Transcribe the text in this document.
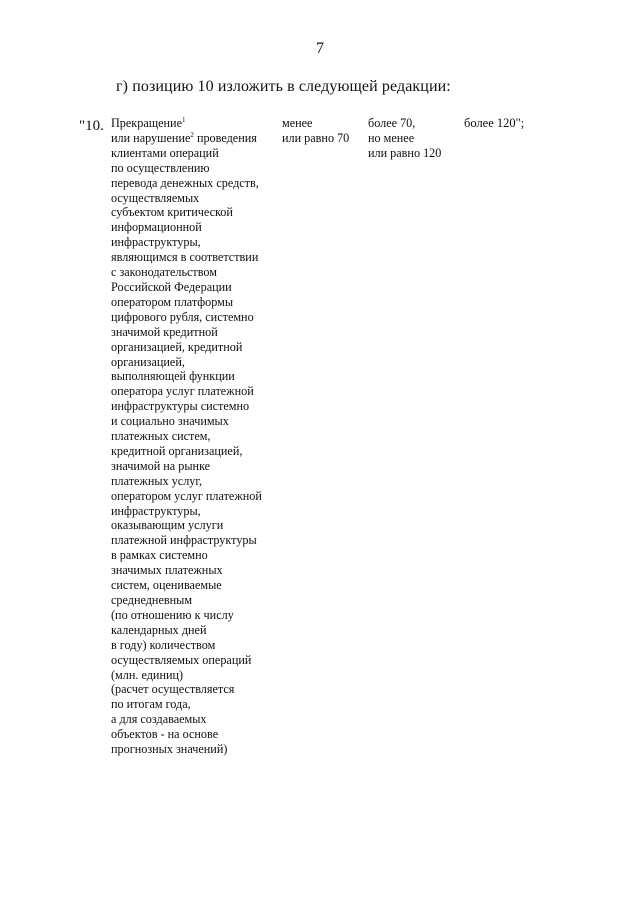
7
г) позицию 10 изложить в следующей редакции:
"10. Прекращение$^1$
или нарушение$^2$ проведения
клиентами операций
по осуществлению
перевода денежных средств,
осуществляемых
субъектом критической
информационной
инфраструктуры,
являющимся в соответствии
с законодательством
Российской Федерации
оператором платформы
цифрового рубля, системно
значимой кредитной
организацией, кредитной
организацией,
выполняющей функции
оператора услуг платежной
инфраструктуры системно
и социально значимых
платежных систем,
кредитной организацией,
значимой на рынке
платежных услуг,
оператором услуг платежной
инфраструктуры,
оказывающим услуги
платежной инфраструктуры
в рамках системно
значимых платежных
систем, оцениваемые
среднедневным
(по отношению к числу
календарных дней
в году) количеством
осуществляемых операций
(млн. единиц)
(расчет осуществляется
по итогам года,
а для создаваемых
объектов - на основе
прогнозных значений)
менее
или равно 70
более 70,
но менее
или равно 120
более 120";
